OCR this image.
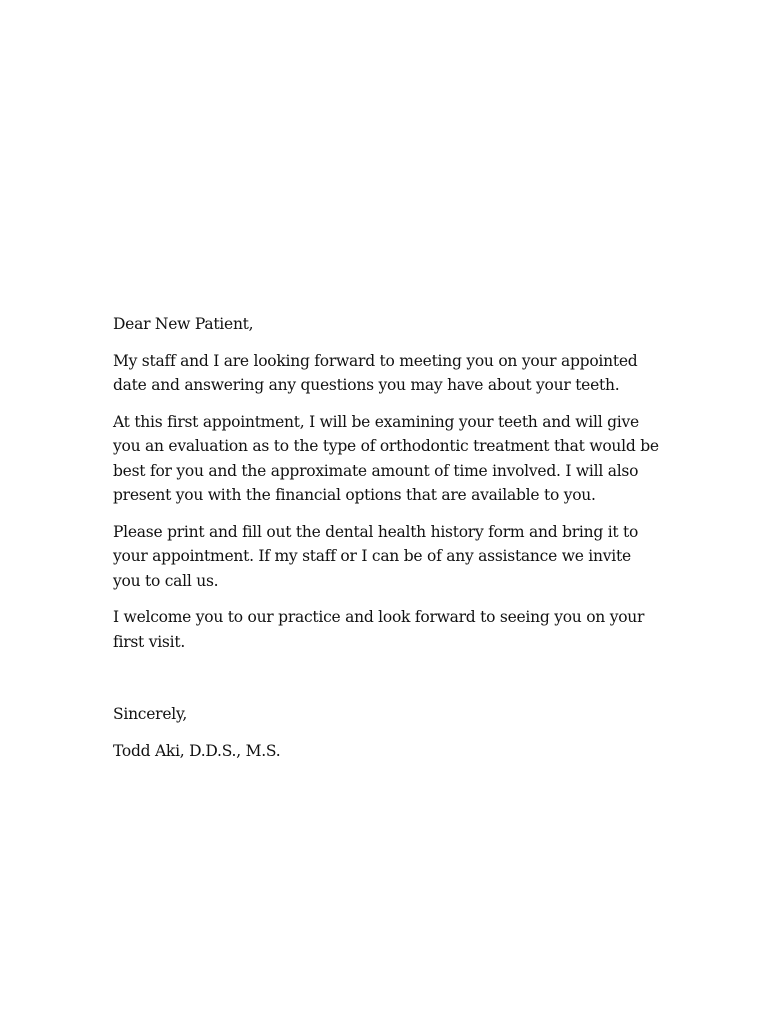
Dear New Patient,

My staff and I are looking forward to meeting you on your appointed
date and answering any questions you may have about your teeth.

At this first appointment, I will be examining your teeth and will give
you an evaluation as to the type of orthodontic treatment that would be
best for you and the approximate amount of time involved. I will also
present you with the financial options that are available to you.

Please print and fill out the dental health history form and bring it to
your appointment. If my staff or I can be of any assistance we invite
you to call us.

I welcome you to our practice and look forward to seeing you on your
first visit.

Sincerely,

Todd Aki, D.D.S., M.S.
